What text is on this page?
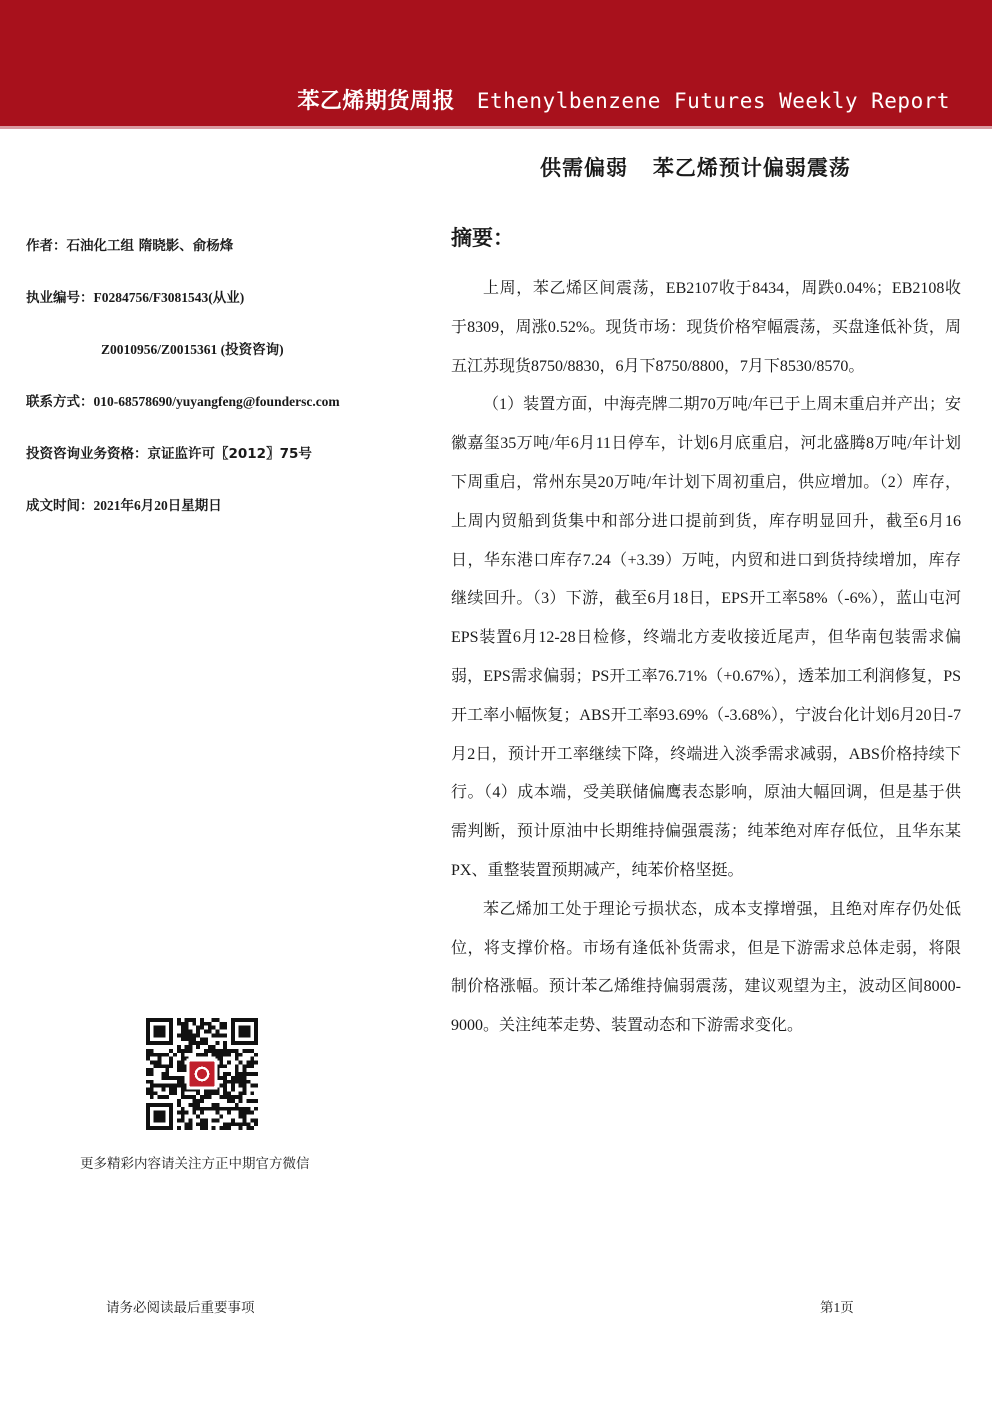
苯乙烯期货周报 Ethenylbenzene Futures Weekly Report
供需偏弱   苯乙烯预计偏弱震荡
作者：石油化工组 隋晓影、俞杨烽
执业编号：F0284756/F3081543(从业)
Z0010956/Z0015361 (投资咨询)
联系方式：010-68578690/yuyangfeng@foundersc.com
投资咨询业务资格：京证监许可〖2012〗75号
成文时间：2021年6月20日星期日
摘要：

上周，苯乙烯区间震荡，EB2107收于8434，周跌0.04%；EB2108收于8309，周涨0.52%。现货市场：现货价格窄幅震荡，买盘逢低补货，周五江苏现货8750/8830，6月下8750/8800，7月下8530/8570。

（1）装置方面，中海壳牌二期70万吨/年已于上周末重启并产出；安徽嘉玺35万吨/年6月11日停车，计划6月底重启，河北盛腾8万吨/年计划下周重启，常州东昊20万吨/年计划下周初重启，供应增加。（2）库存，上周内贸船到货集中和部分进口提前到货，库存明显回升，截至6月16日，华东港口库存7.24（+3.39）万吨，内贸和进口到货持续增加，库存继续回升。（3）下游，截至6月18日，EPS开工率58%（-6%），蓝山屯河EPS装置6月12-28日检修，终端北方麦收接近尾声，但华南包装需求偏弱，EPS需求偏弱；PS开工率76.71%（+0.67%），透苯加工利润修复，PS开工率小幅恢复；ABS开工率93.69%（-3.68%），宁波台化计划6月20日-7月2日，预计开工率继续下降，终端进入淡季需求减弱，ABS价格持续下行。（4）成本端，受美联储偏鹰表态影响，原油大幅回调，但是基于供需判断，预计原油中长期维持偏强震荡；纯苯绝对库存低位，且华东某PX、重整装置预期减产，纯苯价格坚挺。

苯乙烯加工处于理论亏损状态，成本支撑增强，且绝对库存仍处低位，将支撑价格。市场有逢低补货需求，但是下游需求总体走弱，将限制价格涨幅。预计苯乙烯维持偏弱震荡，建议观望为主，波动区间8000-9000。关注纯苯走势、装置动态和下游需求变化。

更多精彩内容请关注方正中期官方微信
请务必阅读最后重要事项	第1页
